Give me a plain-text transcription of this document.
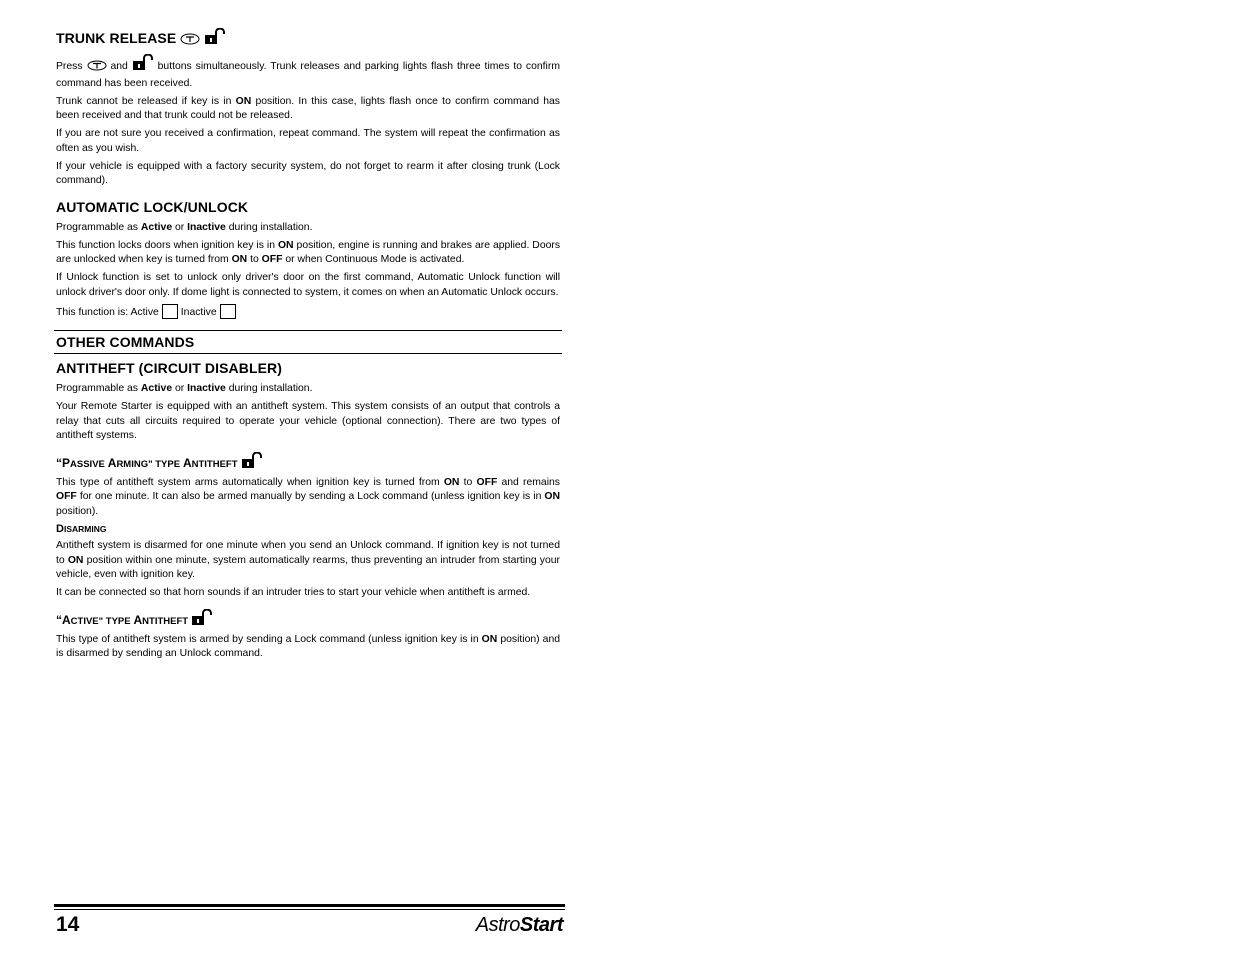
TRUNK RELEASE

Press	and	buttons simultaneously. Trunk releases and parking lights flash three times to confirm command has been received.

Trunk cannot be released if key is in ON position. In this case, lights flash once to confirm command has been received and that trunk could not be released.

If you are not sure you received a confirmation, repeat command. The system will repeat the confirmation as often as you wish.

If your vehicle is equipped with a factory security system, do not forget to rearm it after closing trunk (Lock command).

AUTOMATIC LOCK/UNLOCK

Programmable as Active or Inactive during installation.

This function locks doors when ignition key is in ON position, engine is running and brakes are applied. Doors are unlocked when key is turned from ON to OFF or when Continuous Mode is activated.

If Unlock function is set to unlock only driver's door on the first command, Automatic Unlock function will unlock driver's door only. If dome light is connected to system, it comes on when an Automatic Unlock occurs.

This function is: Active Inactive

OTHER COMMANDS
ANTITHEFT (CIRCUIT DISABLER)

Programmable as Active or Inactive during installation.

Your Remote Starter is equipped with an antitheft system. This system consists of an output that controls a relay that cuts all circuits required to operate your vehicle (optional connection). There are two types of antitheft systems.

“PASSIVE ARMING" TYPE ANTITHEFT

This type of antitheft system arms automatically when ignition key is turned from ON to OFF and remains OFF for one minute. It can also be armed manually by sending a Lock command (unless ignition key is in ON position).

DISARMING

Antitheft system is disarmed for one minute when you send an Unlock command. If ignition key is not turned to ON position within one minute, system automatically rearms, thus preventing an intruder from starting your vehicle, even with ignition key.

It can be connected so that horn sounds if an intruder tries to start your vehicle when antitheft is armed.

“ACTIVE" TYPE ANTITHEFT

This type of antitheft system is armed by sending a Lock command (unless ignition key is in ON position) and is disarmed by sending an Unlock command.

14	AstroStart
